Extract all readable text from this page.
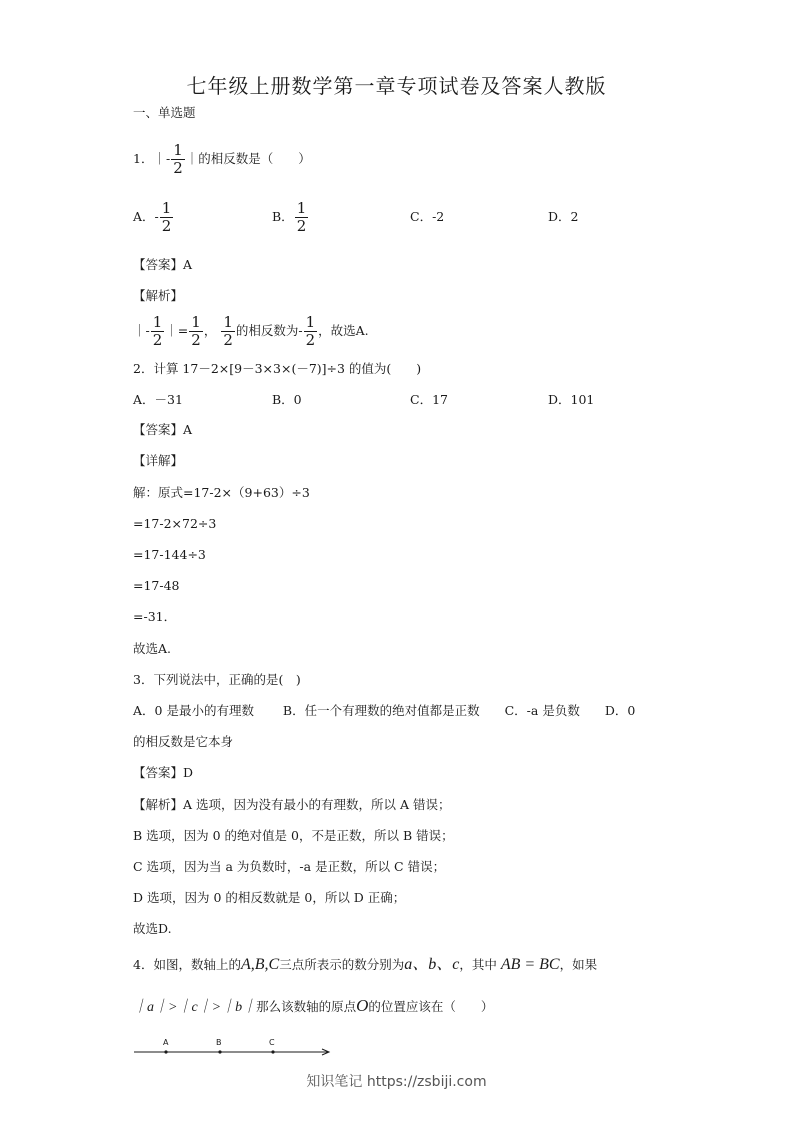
七年级上册数学第一章专项试卷及答案人教版
一、单选题
1．｜- $\frac{1}{2}$ ｜的相反数是（　　）
A．- $\frac{1}{2}$	B． $\frac{1}{2}$	C．-2	D．2
【答案】A
【解析】
｜- $\frac{1}{2}$ ｜= $\frac{1}{2}$ ， $\frac{1}{2}$ 的相反数为- $\frac{1}{2}$ ，故选A.
2．计算 17－2×[9－3×3×(－7)]÷3 的值为(　　)
A．－31	B．0	C．17	D．101
【答案】A
【详解】
解：原式=17-2×（9+63）÷3
=17-2×72÷3
=17-144÷3
=17-48
=-31．
故选A.
3．下列说法中，正确的是(　)
A．0 是最小的有理数　　 B．任一个有理数的绝对值都是正数　　C．-a 是负数　　D．0
的相反数是它本身
【答案】D
【解析】A 选项，因为没有最小的有理数，所以 A 错误；
B 选项，因为 0 的绝对值是 0，不是正数，所以 B 错误；
C 选项，因为当 a 为负数时，-a 是正数，所以 C 错误；
D 选项，因为 0 的相反数就是 0，所以 D 正确；
故选D.
4．如图，数轴上的A,B,C三点所表示的数分别为a、b、c，其中 AB = BC，如果
｜a｜>｜c｜>｜b｜那么该数轴的原点O的位置应该在（　　）
A	B	C
知识笔记 https://zsbiji.com
